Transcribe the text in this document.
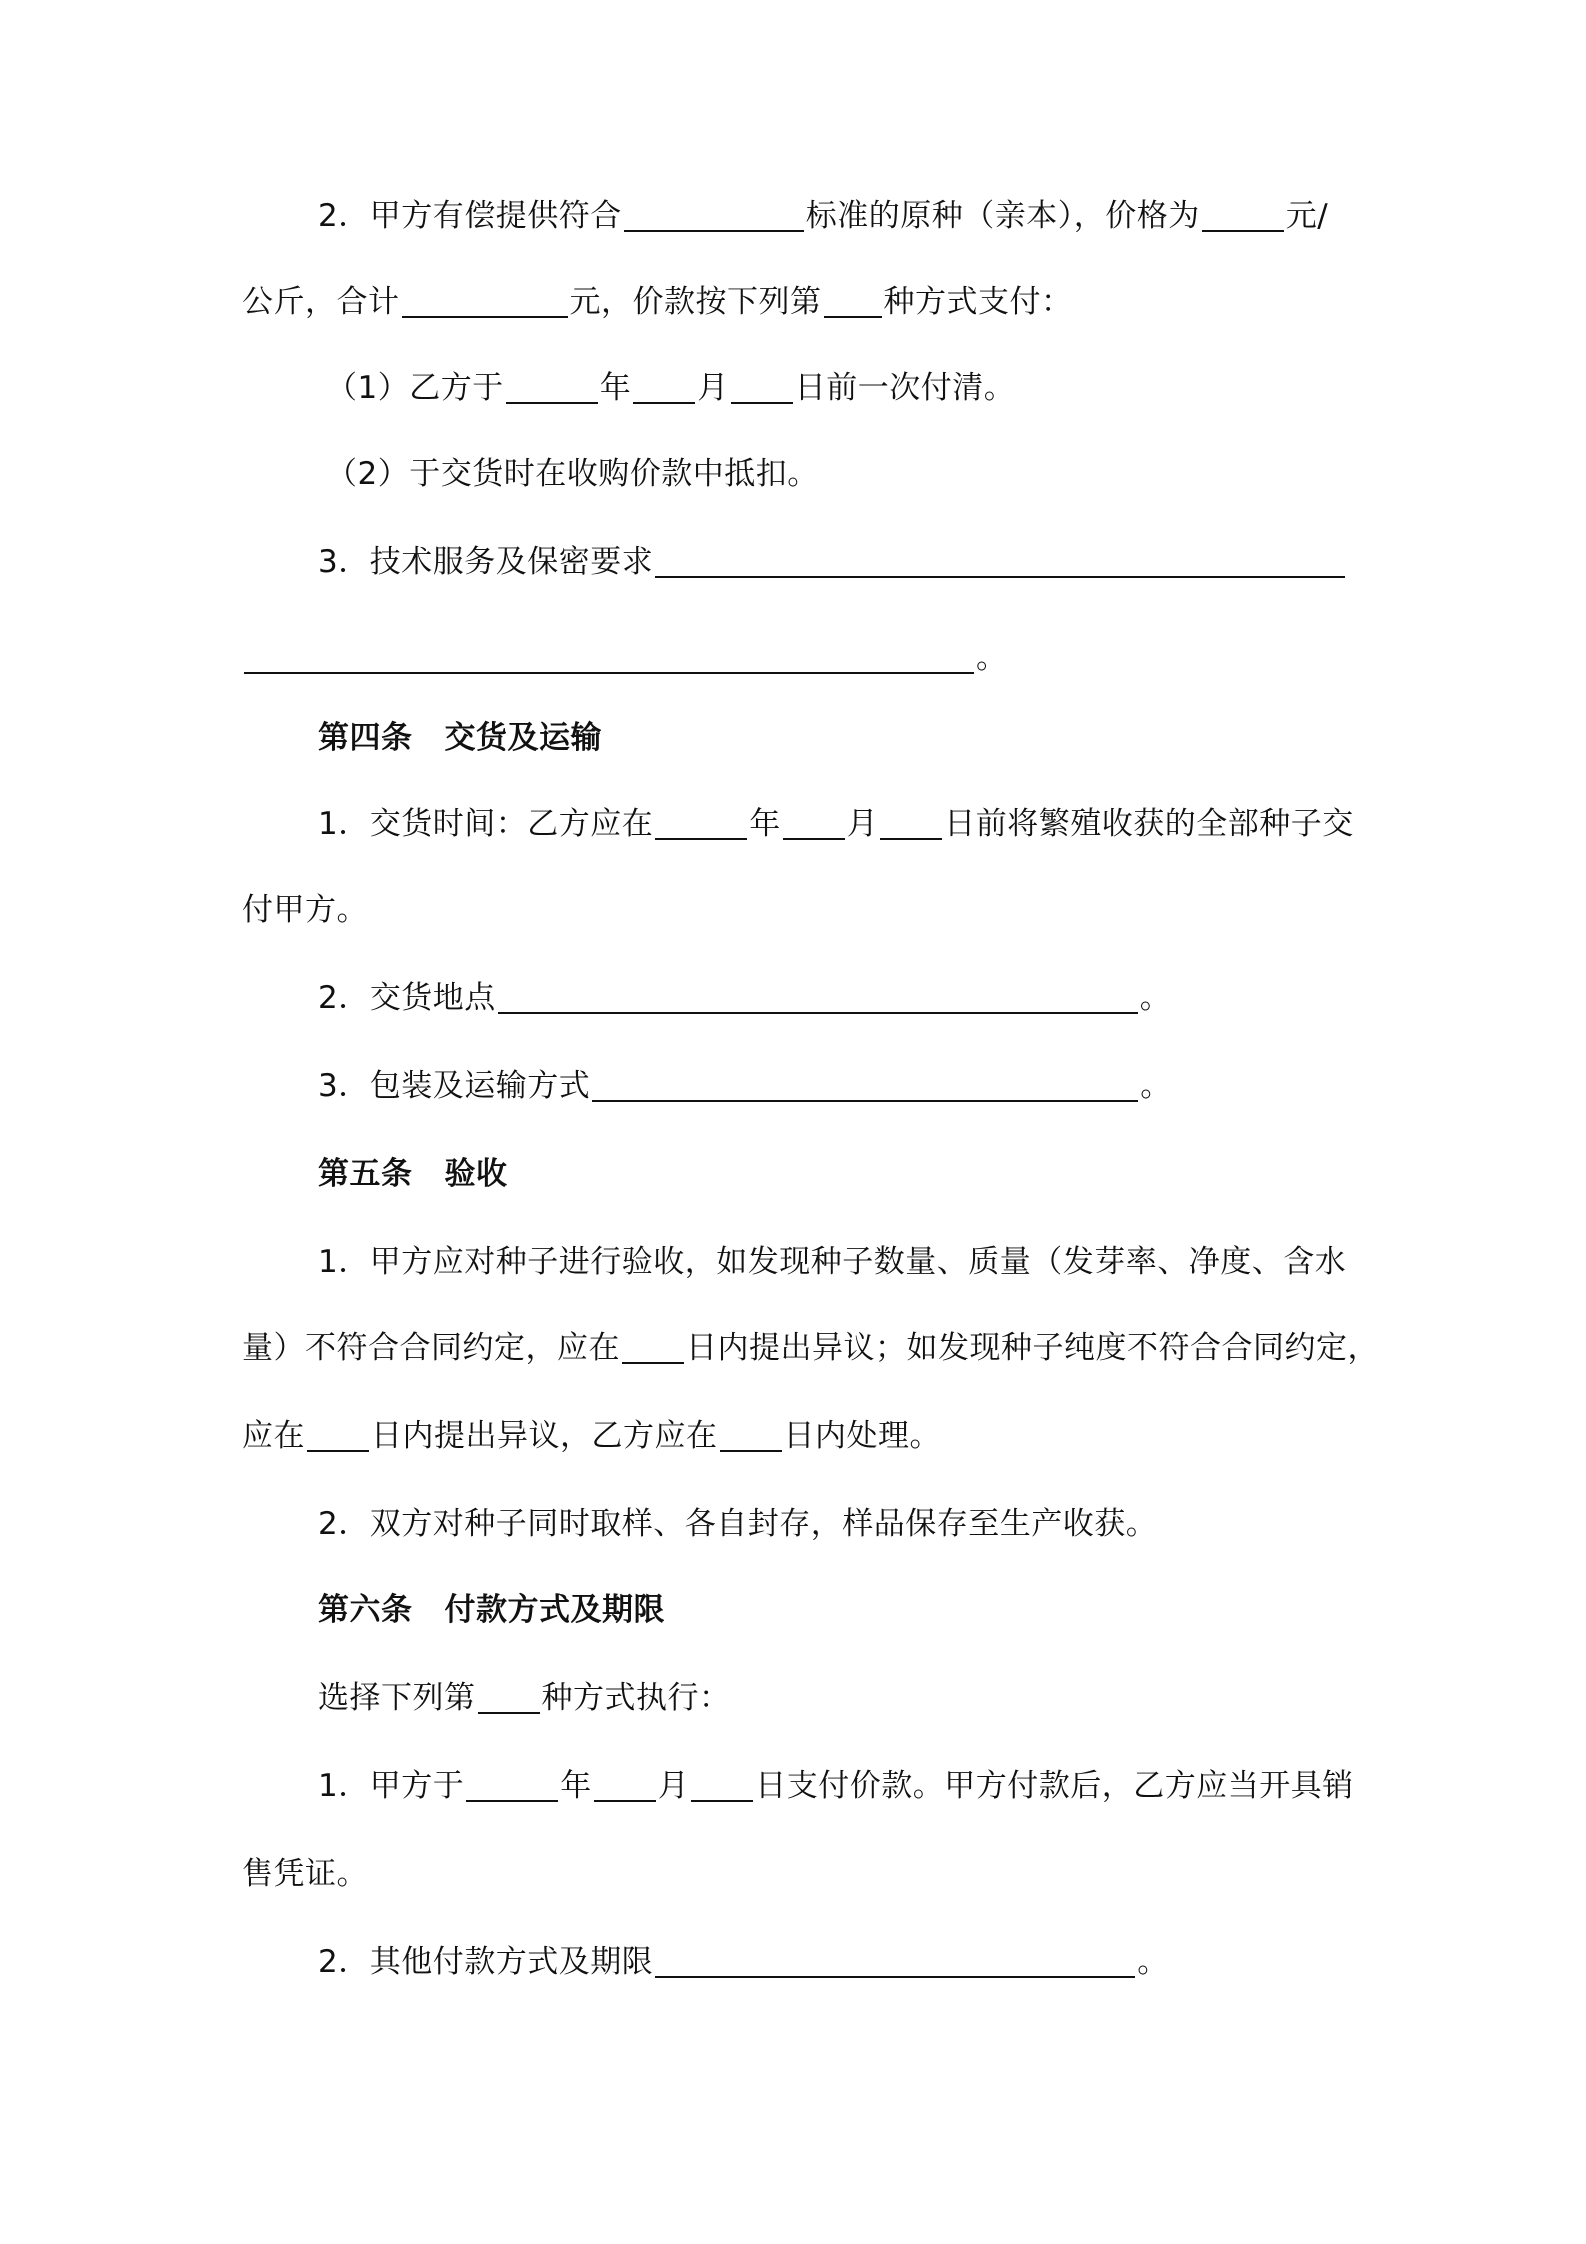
2．甲方有偿提供符合	标准的原种（亲本），价格为	元/
公斤，合计	元，价款按下列第 种方式支付：
（1）乙方于	年 月 日前一次付清。
（2）于交货时在收购价款中抵扣。
3．技术服务及保密要求
。
第四条 交货及运输
1．交货时间：乙方应在	年 月 日前将繁殖收获的全部种子交
付甲方。
2．交货地点	。
3．包装及运输方式	。
第五条 验收
1．甲方应对种子进行验收，如发现种子数量、质量（发芽率、净度、含水
量）不符合合同约定，应在 日内提出异议；如发现种子纯度不符合合同约定，
应在 日内提出异议，乙方应在 日内处理。
2．双方对种子同时取样、各自封存，样品保存至生产收获。
第六条 付款方式及期限
选择下列第 种方式执行：
1．甲方于	年 月 日支付价款。甲方付款后，乙方应当开具销
售凭证。
2．其他付款方式及期限	。
